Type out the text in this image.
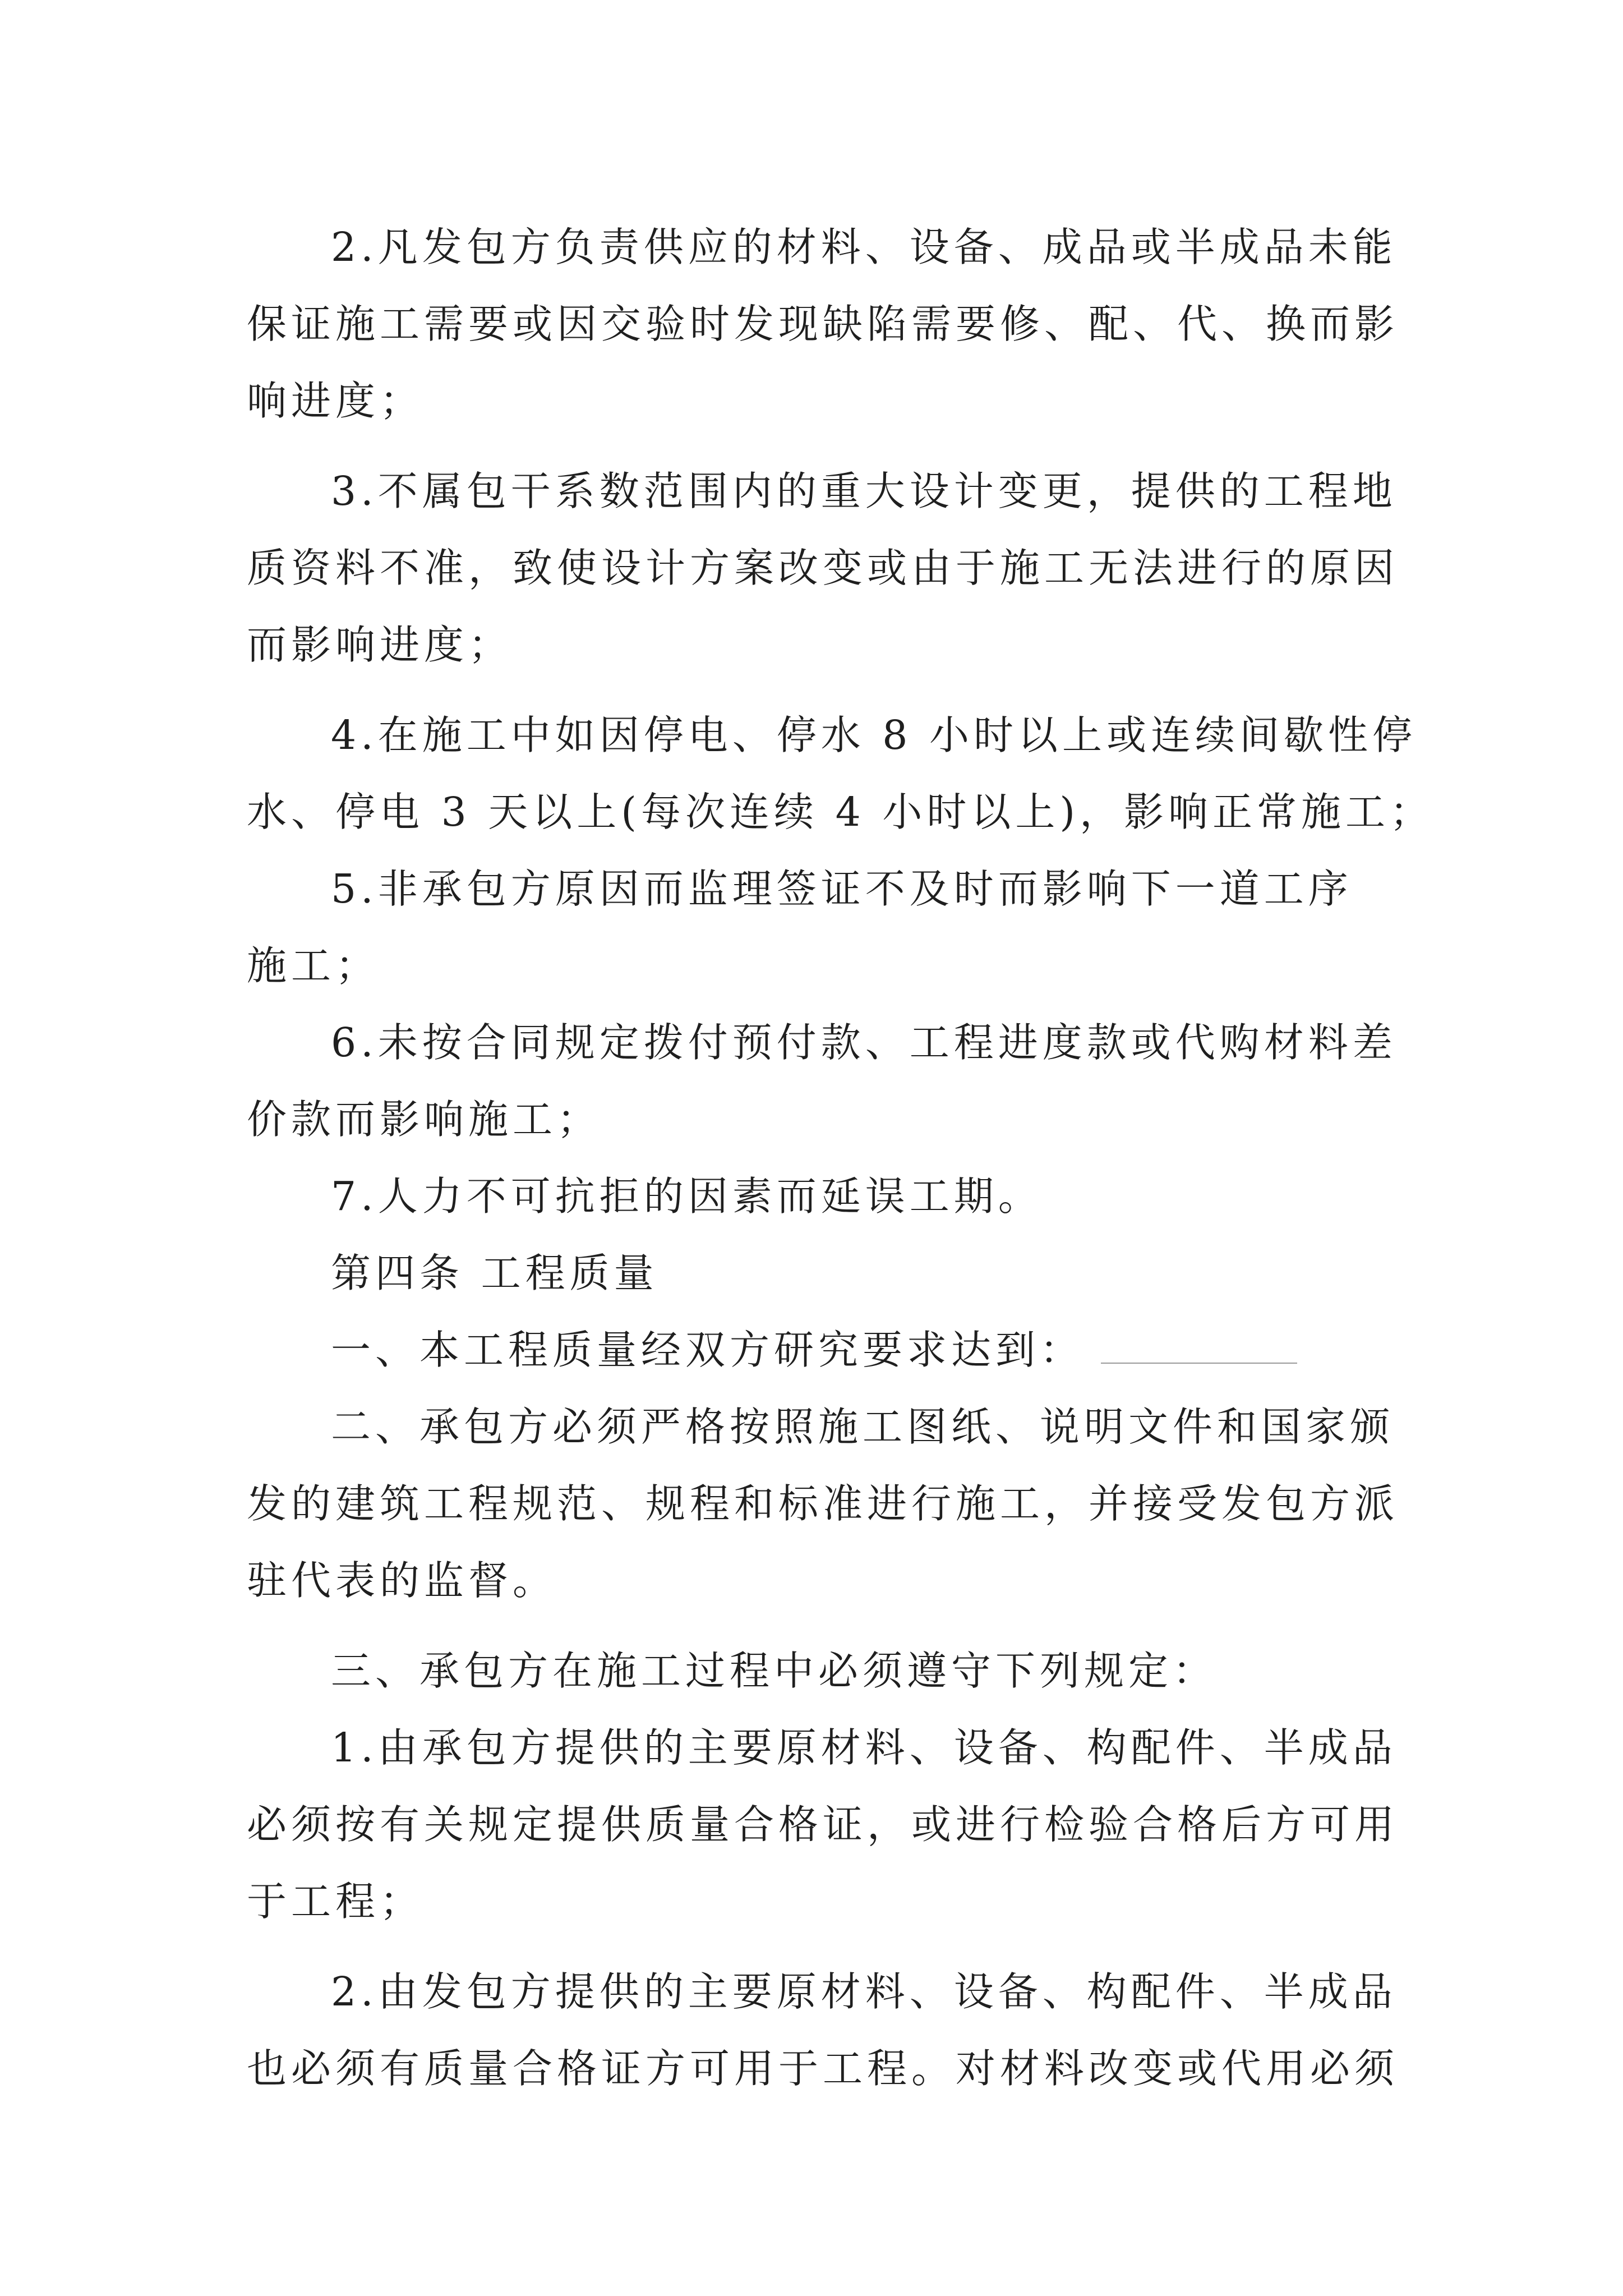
2.凡发包方负责供应的材料、设备、成品或半成品未能
保证施工需要或因交验时发现缺陷需要修、配、代、换而影
响进度；

3.不属包干系数范围内的重大设计变更，提供的工程地
质资料不准，致使设计方案改变或由于施工无法进行的原因
而影响进度；

4.在施工中如因停电、停水 8 小时以上或连续间歇性停
水、停电 3 天以上(每次连续 4 小时以上)，影响正常施工；

5.非承包方原因而监理签证不及时而影响下一道工序
施工；

6.未按合同规定拨付预付款、工程进度款或代购材料差
价款而影响施工；

7.人力不可抗拒的因素而延误工期。

第四条 工程质量

一、本工程质量经双方研究要求达到：

二、承包方必须严格按照施工图纸、说明文件和国家颁
发的建筑工程规范、规程和标准进行施工，并接受发包方派
驻代表的监督。

三、承包方在施工过程中必须遵守下列规定：

1.由承包方提供的主要原材料、设备、构配件、半成品
必须按有关规定提供质量合格证，或进行检验合格后方可用
于工程；

2.由发包方提供的主要原材料、设备、构配件、半成品
也必须有质量合格证方可用于工程。对材料改变或代用必须
